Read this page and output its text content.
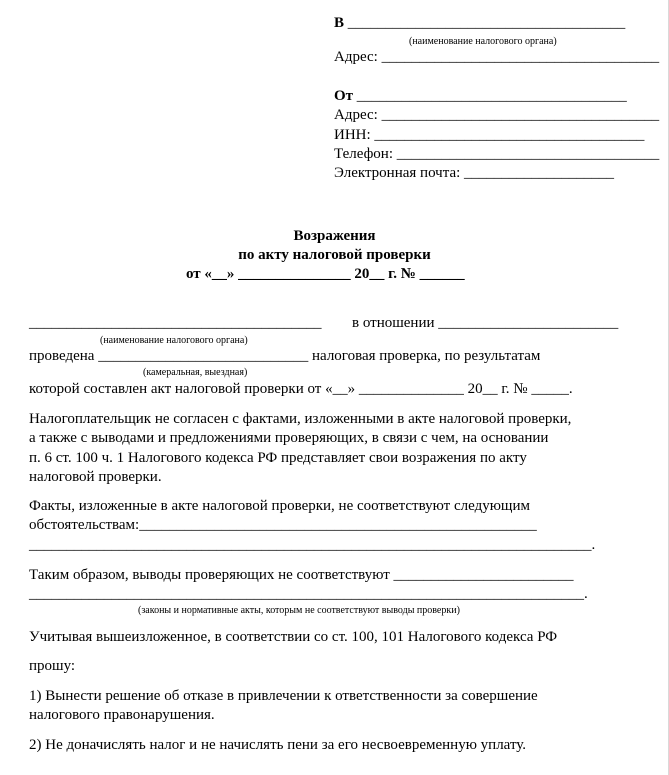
В _____________________________________
(наименование налогового органа)
Адрес: _____________________________________
От ____________________________________
Адрес: _____________________________________
ИНН: ____________________________________
Телефон: ___________________________________
Электронная почта: ____________________
Возражения
по акту налоговой проверки
от «__» _______________ 20__ г. № ______
_______________________________________ в отношении ________________________
(наименование налогового органа)
проведена ____________________________ налоговая проверка, по результатам
(камеральная, выездная)
которой составлен акт налоговой проверки от «__» ______________ 20__ г. № _____.
Налогоплательщик не согласен с фактами, изложенными в акте налоговой проверки,
а также с выводами и предложениями проверяющих, в связи с чем, на основании
п. 6 ст. 100 ч. 1 Налогового кодекса РФ представляет свои возражения по акту
налоговой проверки.
Факты, изложенные в акте налоговой проверки, не соответствуют следующим
обстоятельствам:_____________________________________________________
___________________________________________________________________________.
Таким образом, выводы проверяющих не соответствуют ________________________
__________________________________________________________________________.
(законы и нормативные акты, которым не соответствуют выводы проверки)
Учитывая вышеизложенное, в соответствии со ст. 100, 101 Налогового кодекса РФ
прошу:
1) Вынести решение об отказе в привлечении к ответственности за совершение
налогового правонарушения.
2) Не доначислять налог и не начислять пени за его несвоевременную уплату.
